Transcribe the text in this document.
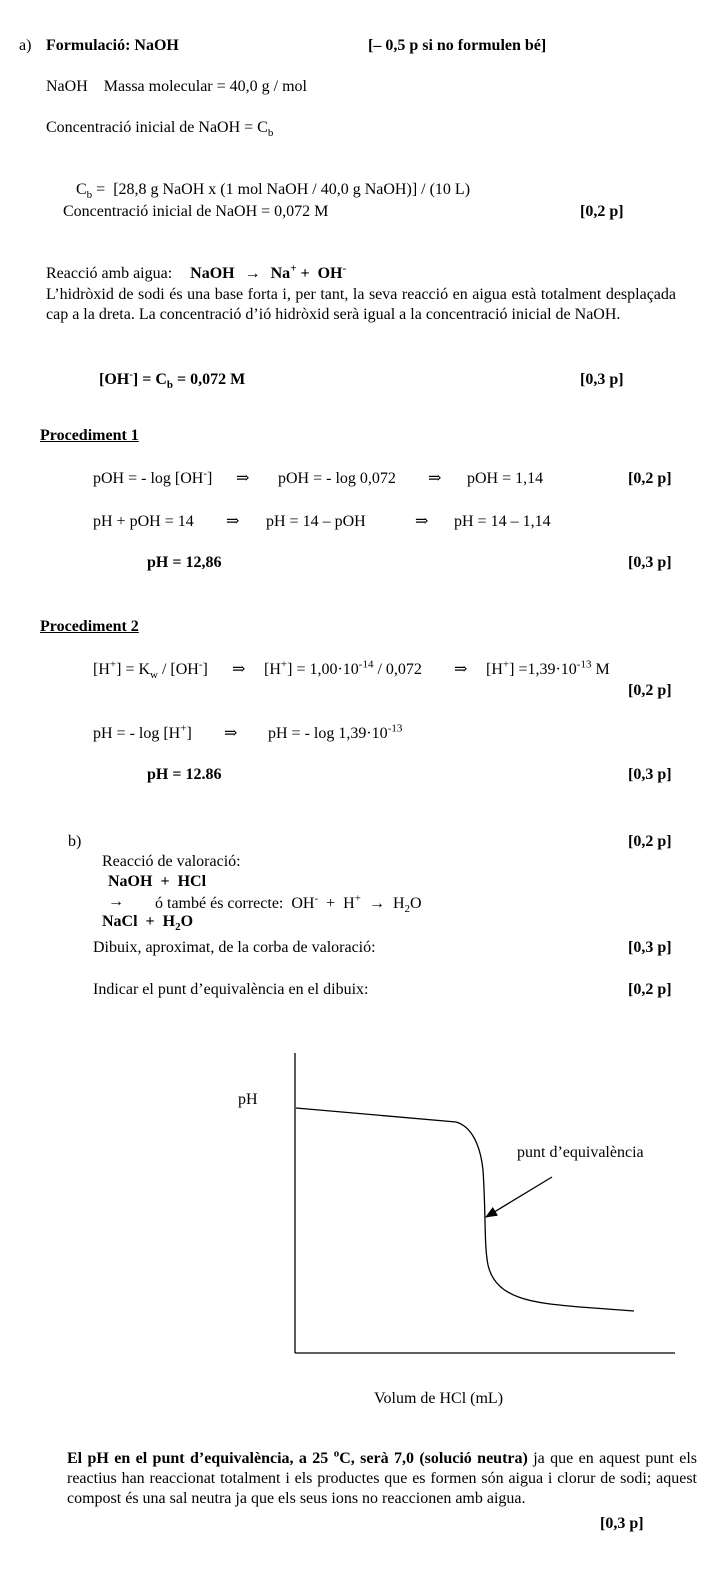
a) Formulació: NaOH	[– 0,5 p si no formulen bé]
NaOH    Massa molecular = 40,0 g / mol
Concentració inicial de NaOH = $C_b$

$C_b = [28,8$ g NaOH x (1 mol NaOH / 40,0 g NaOH)] / (10 L)

Concentració inicial de NaOH = 0,072 M	[0,2 p]
Reacció amb aigua: NaOH → Na+ + OH-
L’hidròxid de sodi és una base forta i, per tant, la seva reacció en aigua està totalment desplaçada cap a la dreta. La concentració d’ió hidròxid serà igual a la concentració inicial de NaOH.
$[OH^-] = C_b = 0,072$ M	[0,3 p]
Procediment 1
pOH = - log [OH-] ⇒ pOH = - log 0,072 ⇒ pOH = 1,14	[0,2 p]
pH + pOH = 14 ⇒ pH = 14 – pOH	⇒ pH = 14 – 1,14
pH = 12,86	[0,3 p]
Procediment 2
$[H^+] = K_w / [OH^-]$ ⇒ $[H^+] = 1,00\cdot 10^{-14} / 0,072$ ⇒ $[H^+] =1,39\cdot 10^{-13}$ M
[0,2 p]
pH = - log [H+] ⇒ pH = - $\log 1,39\cdot 10^{-13}$
pH = 12.86	[0,3 p]
b)

Reacció de valoració:
NaOH  +  HCl
→
NaCl  +  $H_2O$

[0,2 p]

ó també és correcte:  $OH^- + H^+ \to H_2O$

Dibuix, aproximat, de la corba de valoració:	[0,3 p]
Indicar el punt d’equivalència en el dibuix:	[0,2 p]
pH
punt d’equivalència
Volum de HCl (mL)
El pH en el punt d’equivalència, a 25 $^o$C, serà 7,0 (solució neutra) ja que en aquest punt els reactius han reaccionat totalment i els productes que es formen són aigua i clorur de sodi; aquest compost és una sal neutra ja que els seus ions no reaccionen amb aigua.
[0,3 p]
